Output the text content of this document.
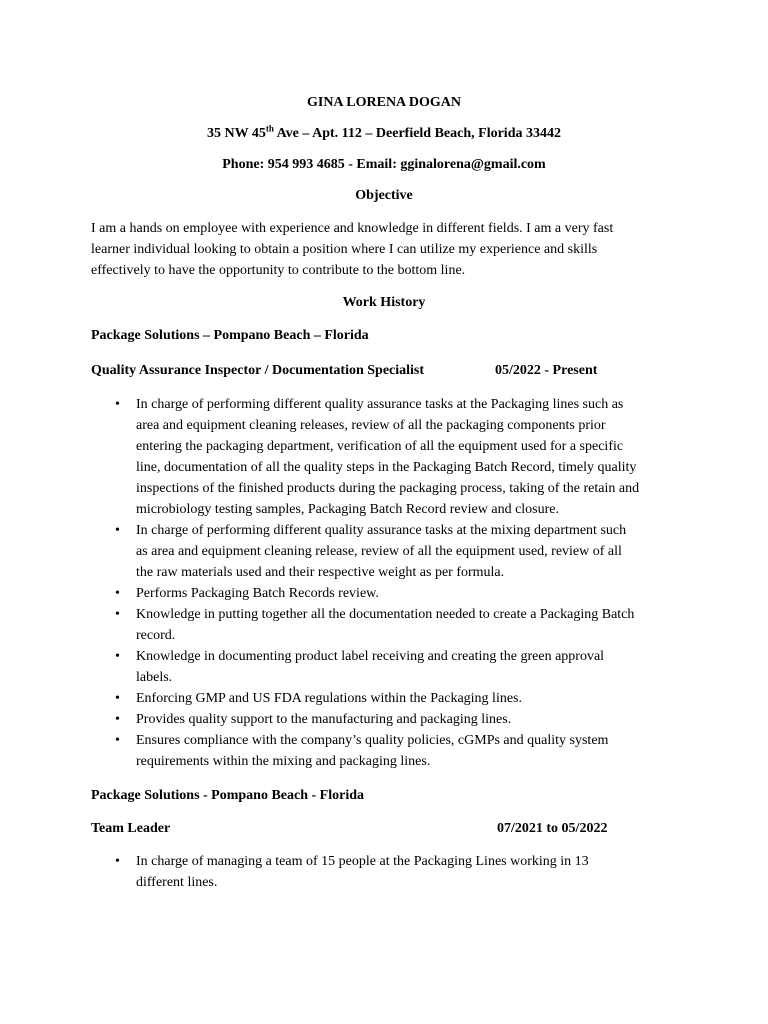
GINA LORENA DOGAN

35 NW 45th Ave – Apt. 112 – Deerfield Beach, Florida 33442

Phone: 954 993 4685 - Email: gginalorena@gmail.com

Objective

I am a hands on employee with experience and knowledge in different fields. I am a very fast
learner individual looking to obtain a position where I can utilize my experience and skills
effectively to have the opportunity to contribute to the bottom line.

Work History

Package Solutions – Pompano Beach – Florida

Quality Assurance Inspector / Documentation Specialist	05/2022 - Present
• In charge of performing different quality assurance tasks at the Packaging lines such as
area and equipment cleaning releases, review of all the packaging components prior
entering the packaging department, verification of all the equipment used for a specific
line, documentation of all the quality steps in the Packaging Batch Record, timely quality
inspections of the finished products during the packaging process, taking of the retain and
microbiology testing samples, Packaging Batch Record review and closure.
• In charge of performing different quality assurance tasks at the mixing department such
as area and equipment cleaning release, review of all the equipment used, review of all
the raw materials used and their respective weight as per formula.
• Performs Packaging Batch Records review.
• Knowledge in putting together all the documentation needed to create a Packaging Batch
record.
• Knowledge in documenting product label receiving and creating the green approval
labels.
• Enforcing GMP and US FDA regulations within the Packaging lines.
• Provides quality support to the manufacturing and packaging lines.
• Ensures compliance with the company’s quality policies, cGMPs and quality system
requirements within the mixing and packaging lines.

Package Solutions - Pompano Beach - Florida

Team Leader	07/2021 to 05/2022
• In charge of managing a team of 15 people at the Packaging Lines working in 13
different lines.
